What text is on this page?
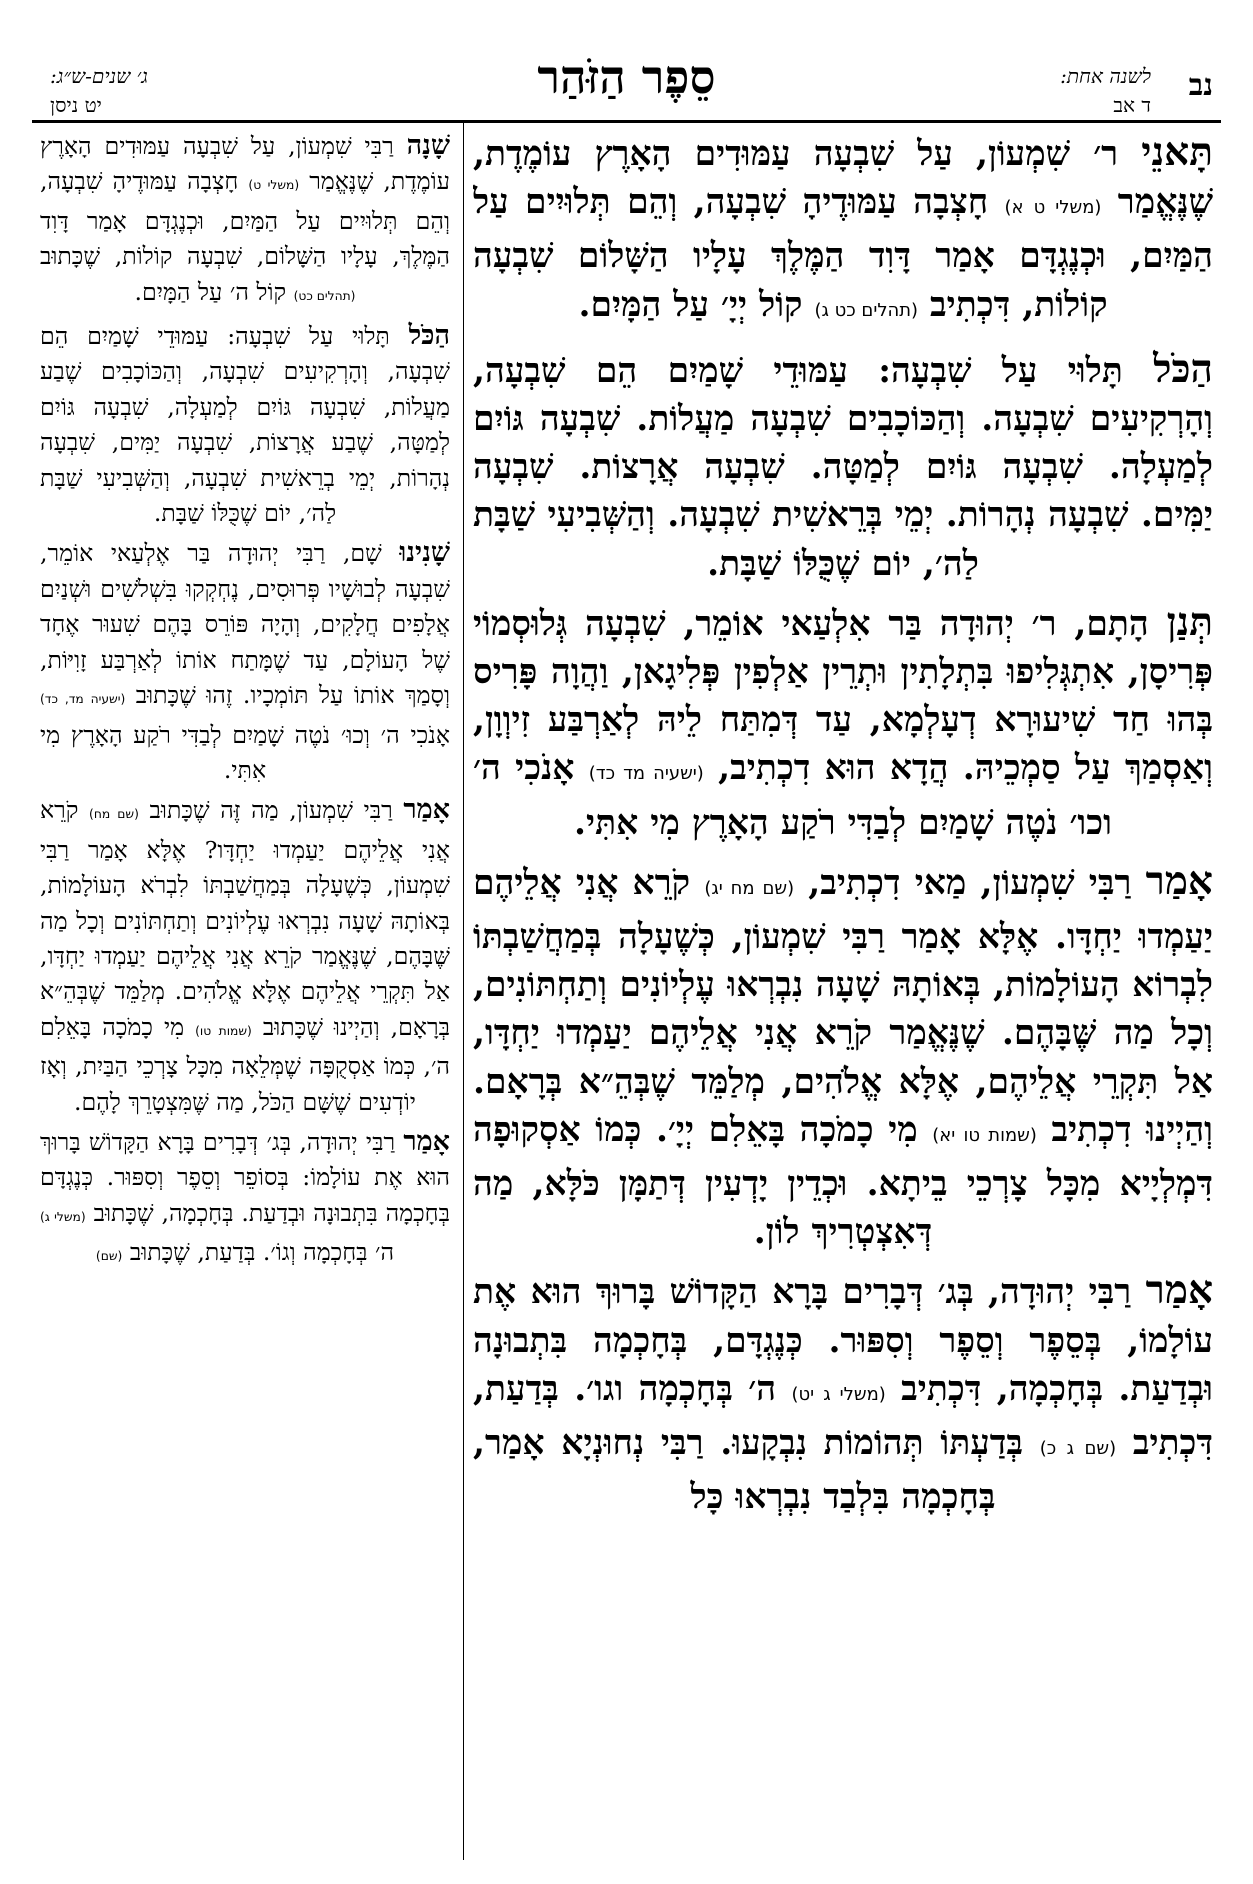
נב
לשנה אחת:
ד אב
סֵפֶר הַזֹּהַר
ג׳ שנים-ש״ג:
יט ניסן

תָּאנֵי ר׳ שִׁמְעוֹן, עַל שִׁבְעָה עַמּוּדִים הָאָרֶץ עוֹמֶדֶת, שֶׁנֶּאֱמַר (משלי ט א) חָצְבָה עַמּוּדֶיהָ שִׁבְעָה, וְהֵם תְּלוּיִים עַל הַמַּיִם, וּכְנֶגְדָּם אָמַר דָּוִד הַמֶּלֶךְ עָלָיו הַשָּׁלוֹם שִׁבְעָה קוֹלוֹת, דִּכְתִיב (תהלים כט ג) קוֹל יְיָ׳ עַל הַמָּיִם.

הַכֹּל תָּלוּי עַל שִׁבְעָה: עַמּוּדֵי שָׁמַיִם הֵם שִׁבְעָה, וְהָרְקִיעִים שִׁבְעָה. וְהַכּוֹכָבִים שִׁבְעָה מַעֲלוֹת. שִׁבְעָה גּוֹיִם לְמַעְלָה. שִׁבְעָה גּוֹיִם לְמַטָּה. שִׁבְעָה אֲרָצוֹת. שִׁבְעָה יַמִּים. שִׁבְעָה נְהָרוֹת. יְמֵי בְּרֵאשִׁית שִׁבְעָה. וְהַשְּׁבִיעִי שַׁבָּת לַה׳, יוֹם שֶׁכֻּלּוֹ שַׁבָּת.

תְּנַן הָתָם, ר׳ יְהוּדָה בַּר אִלְעַאי אוֹמֵר, שִׁבְעָה גְּלוּסְמוֹי פְּרִיסָן, אִתְגְּלִיפוּ בִּתְלָתִין וּתְרֵין אַלְפִין פְּלִיגָאן, וַהֲוָה פָּרִיס בְּהוּ חַד שִׁיעוּרָא דְעָלְמָא, עַד דְּמִתַּח לֵיהּ לְאַרְבַּע זִיוְוָן, וְאַסְמַךְ עַל סַמְכֵיהּ. הֲדָא הוּא דִכְתִיב, (ישעיה מד כד) אָנֹכִי ה׳ וכו׳ נֹטֶה שָׁמַיִם לְבַדִּי רֹקַע הָאָרֶץ מִי אִתִּי.

אָמַר רַבִּי שִׁמְעוֹן, מַאי דִכְתִיב, (שם מח יג) קֹרֵא אֲנִי אֲלֵיהֶם יַעַמְדוּ יַחְדָּו. אֶלָּא אָמַר רַבִּי שִׁמְעוֹן, כְּשֶׁעָלָה בְּמַחֲשַׁבְתּוֹ לִבְרוֹא הָעוֹלָמוֹת, בְּאוֹתָהּ שָׁעָה נִבְרְאוּ עֶלְיוֹנִים וְתַחְתּוֹנִים, וְכָל מַה שֶּׁבָּהֶם. שֶׁנֶּאֱמַר קֹרֵא אֲנִי אֲלֵיהֶם יַעַמְדוּ יַחְדָּו, אַל תִּקְרֵי אֲלֵיהֶם, אֶלָּא אֱלֹהִים, מְלַמֵּד שֶׁבְּהֵ״א בְּרָאָם. וְהַיְינוּ דִכְתִיב (שמות טו יא) מִי כָמֹכָה בָּאֵלִם יְיָ׳. כְּמוֹ אַסְקוּפָה דִּמְלְיָיא מִכָּל צָרְכֵי בֵיתָא. וּכְדֵין יָדְעִין דְּתַמָּן כֹּלָּא, מַה דְּאִצְטְרִיךְ לוֹן.

אָמַר רַבִּי יְהוּדָה, בְּג׳ דְּבָרִים בָּרָא הַקָּדוֹשׁ בָּרוּךְ הוּא אֶת עוֹלָמוֹ, בְּסֵפֶר וְסֵפֶר וְסִפּוּר. כְּנֶגְדָּם, בְּחָכְמָה בִּתְבוּנָה וּבְדַעַת. בְּחָכְמָה, דִּכְתִיב (משלי ג יט) ה׳ בְּחָכְמָה וגו׳. בְּדַעַת, דִּכְתִיב (שם ג כ) בְּדַעְתּוֹ תְּהוֹמוֹת נִבְקָעוּ. רַבִּי נְחוּנְיָא אָמַר, בְּחָכְמָה בִּלְבַד נִבְרְאוּ כָּל

שָׁנָה רַבִּי שִׁמְעוֹן, עַל שִׁבְעָה עַמּוּדִים הָאָרֶץ עוֹמֶדֶת, שֶׁנֶּאֱמַר (משלי ט) חָצְבָה עַמּוּדֶיהָ שִׁבְעָה, וְהֵם תְּלוּיִים עַל הַמַּיִם, וּכְנֶגְדָּם אָמַר דָּוִד הַמֶּלֶךְ, עָלָיו הַשָּׁלוֹם, שִׁבְעָה קוֹלוֹת, שֶׁכָּתוּב (תהלים כט) קוֹל ה׳ עַל הַמָּיִם.

הַכֹּל תָּלוּי עַל שִׁבְעָה: עַמּוּדֵי שָׁמַיִם הֵם שִׁבְעָה, וְהָרְקִיעִים שִׁבְעָה, וְהַכּוֹכָבִים שֶׁבַע מַעֲלוֹת, שִׁבְעָה גּוֹיִם לְמַעְלָה, שִׁבְעָה גּוֹיִם לְמַטָּה, שֶׁבַע אֲרָצוֹת, שִׁבְעָה יַמִּים, שִׁבְעָה נְהָרוֹת, יְמֵי בְרֵאשִׁית שִׁבְעָה, וְהַשְּׁבִיעִי שַׁבָּת לַה׳, יוֹם שֶׁכֻּלּוֹ שַׁבָּת.

שָׁנִינוּ שָׁם, רַבִּי יְהוּדָה בַּר אֶלְעַאי אוֹמֵר, שִׁבְעָה לְבוּשָׁיו פְּרוּסִים, נֶחְקְקוּ בִּשְׁלֹשִׁים וּשְׁנַיִם אֲלָפִים חֲלָקִים, וְהָיָה פּוֹרֵס בָּהֶם שִׁעוּר אֶחָד שֶׁל הָעוֹלָם, עַד שֶׁמָּתַח אוֹתוֹ לְאַרְבַּע זָוִיּוֹת, וְסָמַךְ אוֹתוֹ עַל תּוֹמְכָיו. זֶהוּ שֶׁכָּתוּב (ישעיה מד, כד) אָנֹכִי ה׳ וְכוּ׳ נֹטֶה שָׁמַיִם לְבַדִּי רֹקַע הָאָרֶץ מִי אִתִּי.

אָמַר רַבִּי שִׁמְעוֹן, מַה זֶּה שֶׁכָּתוּב (שם מח) קֹרֵא אֲנִי אֲלֵיהֶם יַעַמְדוּ יַחְדָּו? אֶלָּא אָמַר רַבִּי שִׁמְעוֹן, כְּשֶׁעָלָה בְּמַחֲשַׁבְתּוֹ לִבְרֹא הָעוֹלָמוֹת, בְּאוֹתָהּ שָׁעָה נִבְרְאוּ עֶלְיוֹנִים וְתַחְתּוֹנִים וְכָל מַה שֶּׁבָּהֶם, שֶׁנֶּאֱמַר קֹרֵא אֲנִי אֲלֵיהֶם יַעַמְדוּ יַחְדָּו, אַל תִּקְרֵי אֲלֵיהֶם אֶלָּא אֱלֹהִים. מְלַמֵּד שֶׁבְּהֵ״א בְּרָאָם, וְהַיְינוּ שֶׁכָּתוּב (שמות טו) מִי כָמֹכָה בָּאֵלִם ה׳, כְּמוֹ אַסְקֻפָּה שֶׁמְּלֵאָה מִכָּל צָרְכֵי הַבַּיִת, וְאָז יוֹדְעִים שֶׁשָּׁם הַכֹּל, מַה שֶּׁמִּצְטָרֵךְ לָהֶם.

אָמַר רַבִּי יְהוּדָה, בְּג׳ דְּבָרִים בָּרָא הַקָּדוֹשׁ בָּרוּךְ הוּא אֶת עוֹלָמוֹ: בְּסוֹפֵר וְסֵפֶר וְסִפּוּר. כְּנֶגְדָּם בְּחָכְמָה בִּתְבוּנָה וּבְדַעַת. בְּחָכְמָה, שֶׁכָּתוּב (משלי ג) ה׳ בְּחָכְמָה וְגוֹ׳. בְּדַעַת, שֶׁכָּתוּב (שם)
